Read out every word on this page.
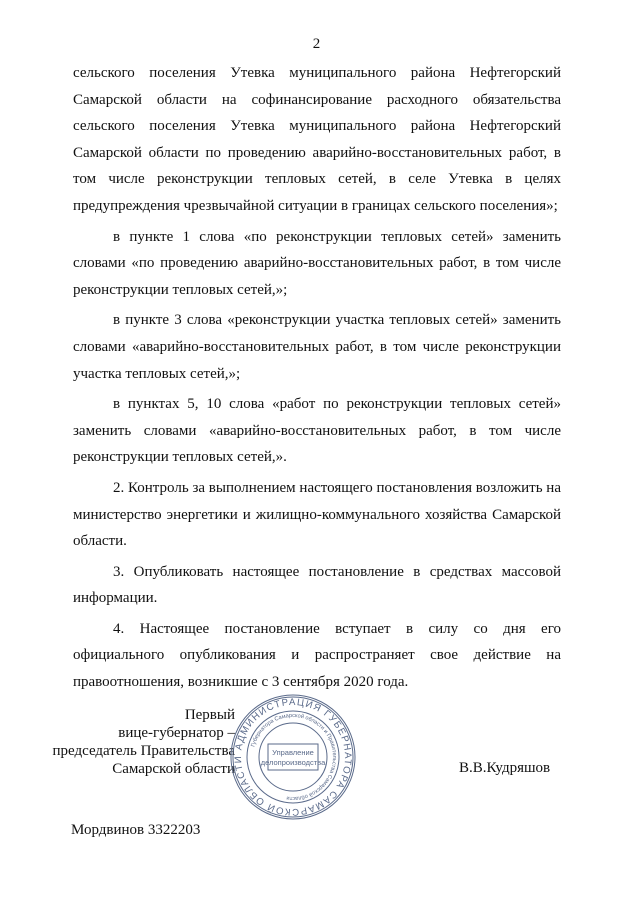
2

сельского поселения Утевка муниципального района Нефтегорский Самарской области на софинансирование расходного обязательства сельского поселения Утевка муниципального района Нефтегорский Самарской области по проведению аварийно-восстановительных работ, в том числе реконструкции тепловых сетей, в селе Утевка в целях предупреждения чрезвычайной ситуации в границах сельского поселения»;

в пункте 1 слова «по реконструкции тепловых сетей» заменить словами «по проведению аварийно-восстановительных работ, в том числе реконструкции тепловых сетей,»;

в пункте 3 слова «реконструкции участка тепловых сетей» заменить словами «аварийно-восстановительных работ, в том числе реконструкции участка тепловых сетей,»;

в пунктах 5, 10 слова «работ по реконструкции тепловых сетей» заменить словами «аварийно-восстановительных работ, в том числе реконструкции тепловых сетей,».

2. Контроль за выполнением настоящего постановления возложить на министерство энергетики и жилищно-коммунального хозяйства Самарской области.

3. Опубликовать настоящее постановление в средствах массовой информации.

4. Настоящее постановление вступает в силу со дня его официального опубликования и распространяет свое действие на правоотношения, возникшие с 3 сентября 2020 года.

Первый
вице-губернатор –
председатель Правительства
Самарской области
АДМИНИСТРАЦИЯ ГУБЕРНАТОРА САМАРСКОЙ ОБЛАСТИ
Губернатора Самарской области и Правительства Самарской области
Управление
делопроизводства	В.В.Кудряшов
Мордвинов 3322203
